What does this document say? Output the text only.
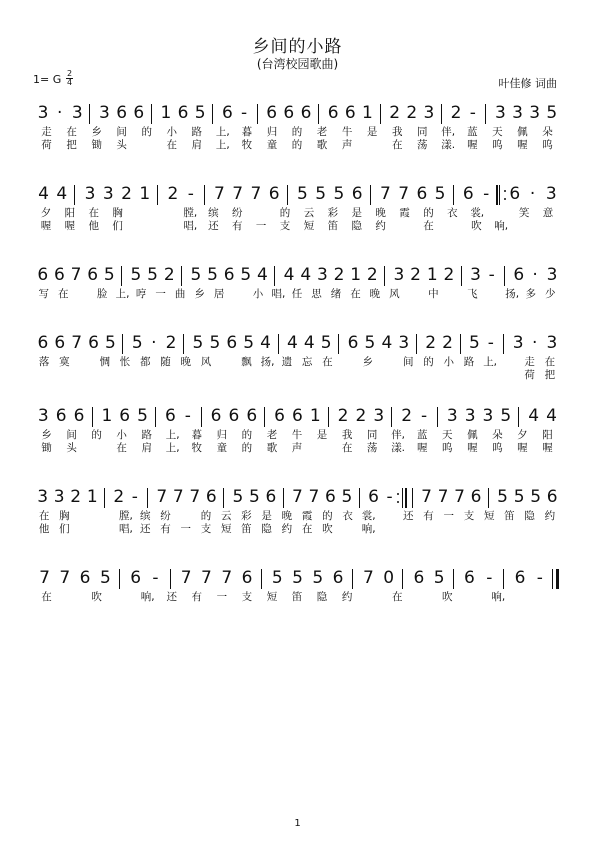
乡间的小路
(台湾校园歌曲)
1= G 2
4	叶佳修 词曲
3 · 3 3 6 6 1 6 5 6 - 6 6 6 6 6 1 2 2 3 2 - 3 3 3 5
走 在 乡 间 的 小 路 上, 暮 归 的 老 牛 是 我 同 伴, 蓝 天 佩 朵
荷 把 锄 头	在 肩 上, 牧 童 的 歌 声	在 荡 漾. 喔 呜 喔 呜
4 4 3 3 2 1 2 - 7 7 7 6 5 5 5 6 7 7 6 5 6 - 6 · 3
夕 阳 在 胸	膛, 缤 纷	的 云 彩 是 晚 霞 的 衣 裳,	笑 意
喔 喔 他 们	唱, 还 有 一 支 短 笛 隐 约	在	吹 响,
6 6 7 6 5 5 5 2 5 5 6 5 4 4 4 3 2 1 2 3 2 1 2 3 - 6 · 3
写 在	脸 上, 哼 一 曲 乡 居	小 唱, 任 思 绪 在 晚 风	中	飞	扬, 多 少
6 6 7 6 5 5 · 2 5 5 6 5 4 4 4 5 6 5 4 3 2 2 5 - 3 · 3
落 寞	惆 怅 都 随 晚 风	飘 扬, 遗 忘 在	乡	间 的 小 路 上,	走 在
荷 把
3 6 6 1 6 5 6 - 6 6 6 6 6 1 2 2 3 2 - 3 3 3 5 4 4
乡 间 的 小 路 上, 暮 归 的 老 牛 是 我 同 伴, 蓝 天 佩 朵 夕 阳
锄 头	在 肩 上, 牧 童 的 歌 声	在 荡 漾. 喔 呜 喔 呜 喔 喔
3 3 2 1 2 - 7 7 7 6 5 5 6 7 7 6 5 6 - 7 7 7 6 5 5 5 6
在 胸	膛, 缤 纷	的 云 彩 是 晚 霞 的 衣 裳,	还 有 一 支 短 笛 隐 约
他 们	唱, 还 有 一 支 短 笛 隐 约 在 吹	响,
7 7 6 5 6 - 7 7 7 6 5 5 5 6 7 0 6 5 6 - 6 -
在	吹	响, 还 有 一 支 短 笛 隐 约	在	吹	响,
1
